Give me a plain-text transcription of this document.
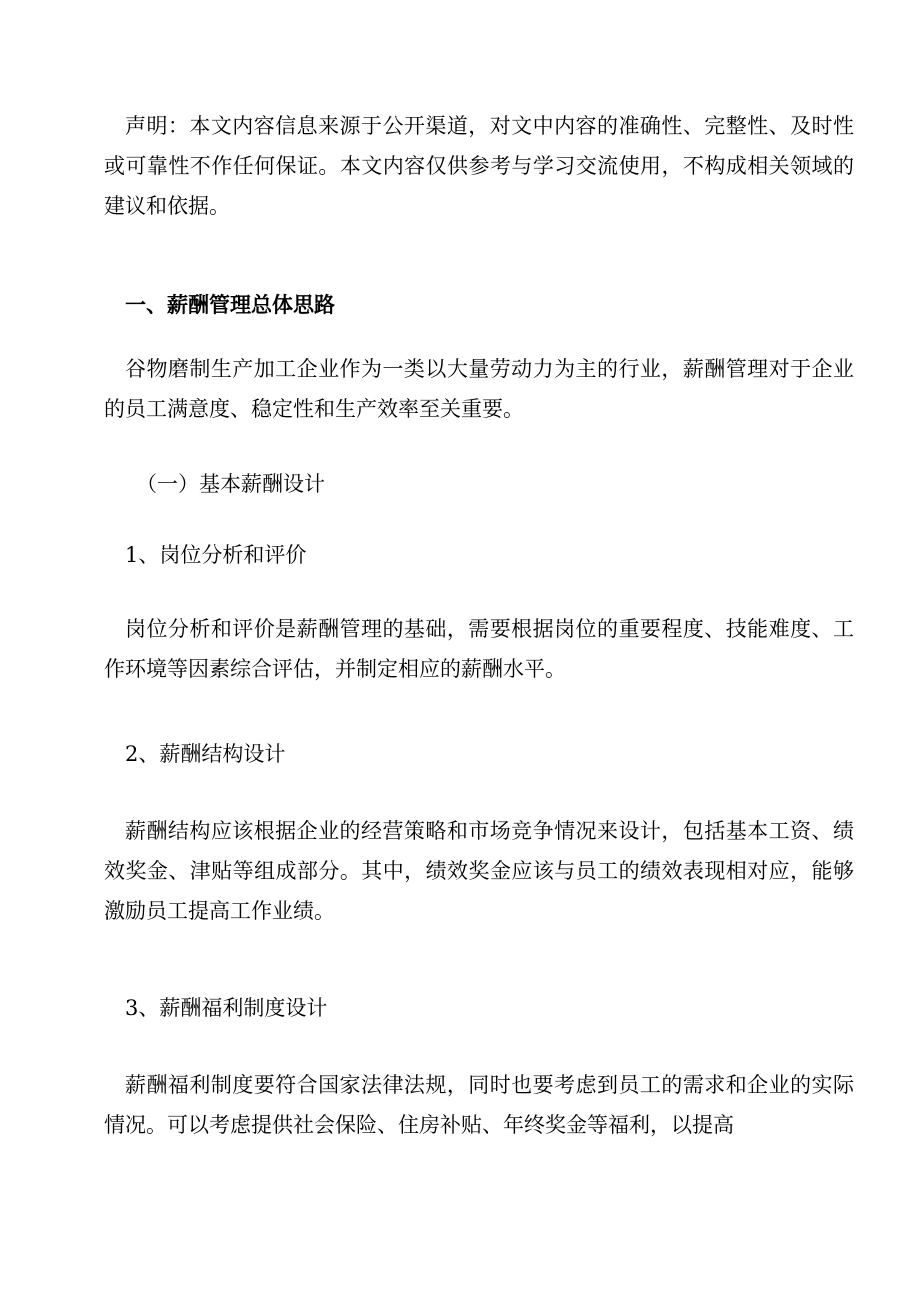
声明：本文内容信息来源于公开渠道，对文中内容的准确性、完整性、及时性或可靠性不作任何保证。本文内容仅供参考与学习交流使用，不构成相关领域的建议和依据。

一、薪酬管理总体思路

谷物磨制生产加工企业作为一类以大量劳动力为主的行业，薪酬管理对于企业的员工满意度、稳定性和生产效率至关重要。

（一）基本薪酬设计

1、岗位分析和评价

岗位分析和评价是薪酬管理的基础，需要根据岗位的重要程度、技能难度、工作环境等因素综合评估，并制定相应的薪酬水平。

2、薪酬结构设计

薪酬结构应该根据企业的经营策略和市场竞争情况来设计，包括基本工资、绩效奖金、津贴等组成部分。其中，绩效奖金应该与员工的绩效表现相对应，能够激励员工提高工作业绩。

3、薪酬福利制度设计

薪酬福利制度要符合国家法律法规，同时也要考虑到员工的需求和企业的实际情况。可以考虑提供社会保险、住房补贴、年终奖金等福利，以提高
